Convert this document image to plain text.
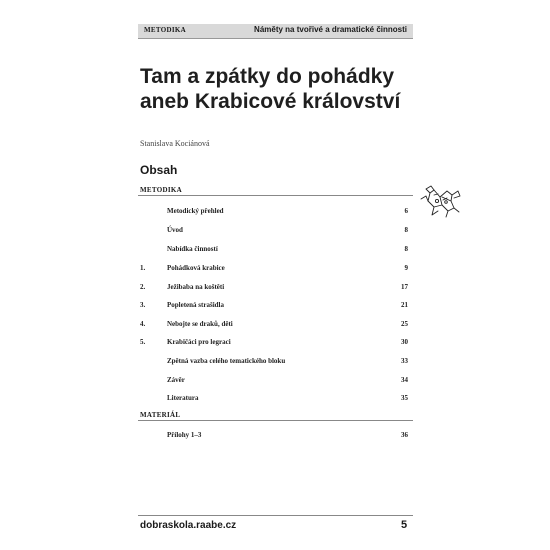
METODIKA	Náměty na tvořivé a dramatické činnosti
Tam a zpátky do pohádky
aneb Krabicové království
Stanislava Kociánová
Obsah
METODIKA
Metodický přehled	6
Úvod	8
Nabídka činností	8
1.	Pohádková krabice	9
2.	Ježibaba na koštěti	17
3.	Popletená strašidla	21
4.	Nebojte se draků, děti	25
5.	Krabičáci pro legraci	30
Zpětná vazba celého tematického bloku	33
Závěr	34
Literatura	35
MATERIÁL
Přílohy 1–3	36
dobraskola.raabe.cz	5
